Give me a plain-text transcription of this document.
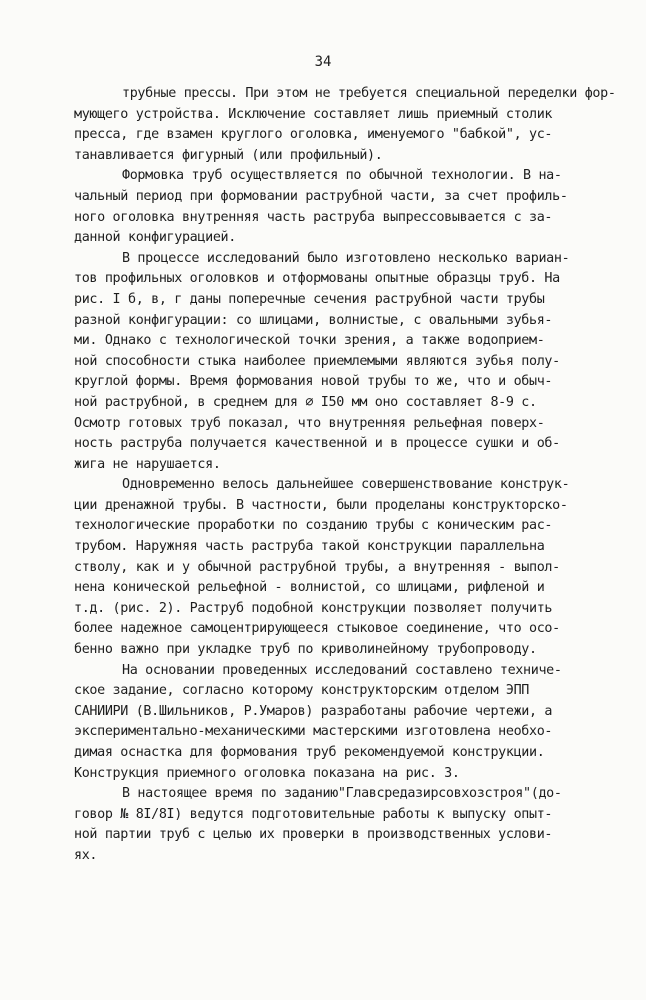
34
трубные прессы. При этом не требуется специальной переделки фор-
мующего устройства. Исключение составляет лишь приемный столик
пресса, где взамен круглого оголовка, именуемого "бабкой", ус-
танавливается фигурный (или профильный).
Формовка труб осуществляется по обычной технологии. В на-
чальный период при формовании раструбной части, за счет профиль-
ного оголовка внутренняя часть раструба выпрессовывается с за-
данной конфигурацией.
В процессе исследований было изготовлено несколько вариан-
тов профильных оголовков и отформованы опытные образцы труб. На
рис. I б, в, г даны поперечные сечения раструбной части трубы
разной конфигурации: со шлицами, волнистые, с овальными зубья-
ми. Однако с технологической точки зрения, а также водоприем-
ной способности стыка наиболее приемлемыми являются зубья полу-
круглой формы. Время формования новой трубы то же, что и обыч-
ной раструбной, в среднем для ∅ I50 мм оно составляет 8-9 с.
Осмотр готовых труб показал, что внутренняя рельефная поверх-
ность раструба получается качественной и в процессе сушки и об-
жига не нарушается.
Одновременно велось дальнейшее совершенствование конструк-
ции дренажной трубы. В частности, были проделаны конструкторско-
технологические проработки по созданию трубы с коническим рас-
трубом. Наружняя часть раструба такой конструкции параллельна
стволу, как и у обычной раструбной трубы, а внутренняя - выпол-
нена конической рельефной - волнистой, со шлицами, рифленой и
т.д. (рис. 2). Раструб подобной конструкции позволяет получить
более надежное самоцентрирующееся стыковое соединение, что осо-
бенно важно при укладке труб по криволинейному трубопроводу.
На основании проведенных исследований составлено техниче-
ское задание, согласно которому конструкторским отделом ЭПП
САНИИРИ (В.Шильников, Р.Умаров) разработаны рабочие чертежи, а
экспериментально-механическими мастерскими изготовлена необхо-
димая оснастка для формования труб рекомендуемой конструкции.
Конструкция приемного оголовка показана на рис. 3.
В настоящее время по заданию"Главсредазирсовхозстроя"(до-
говор № 8I/8I) ведутся подготовительные работы к выпуску опыт-
ной партии труб с целью их проверки в производственных услови-
ях.
